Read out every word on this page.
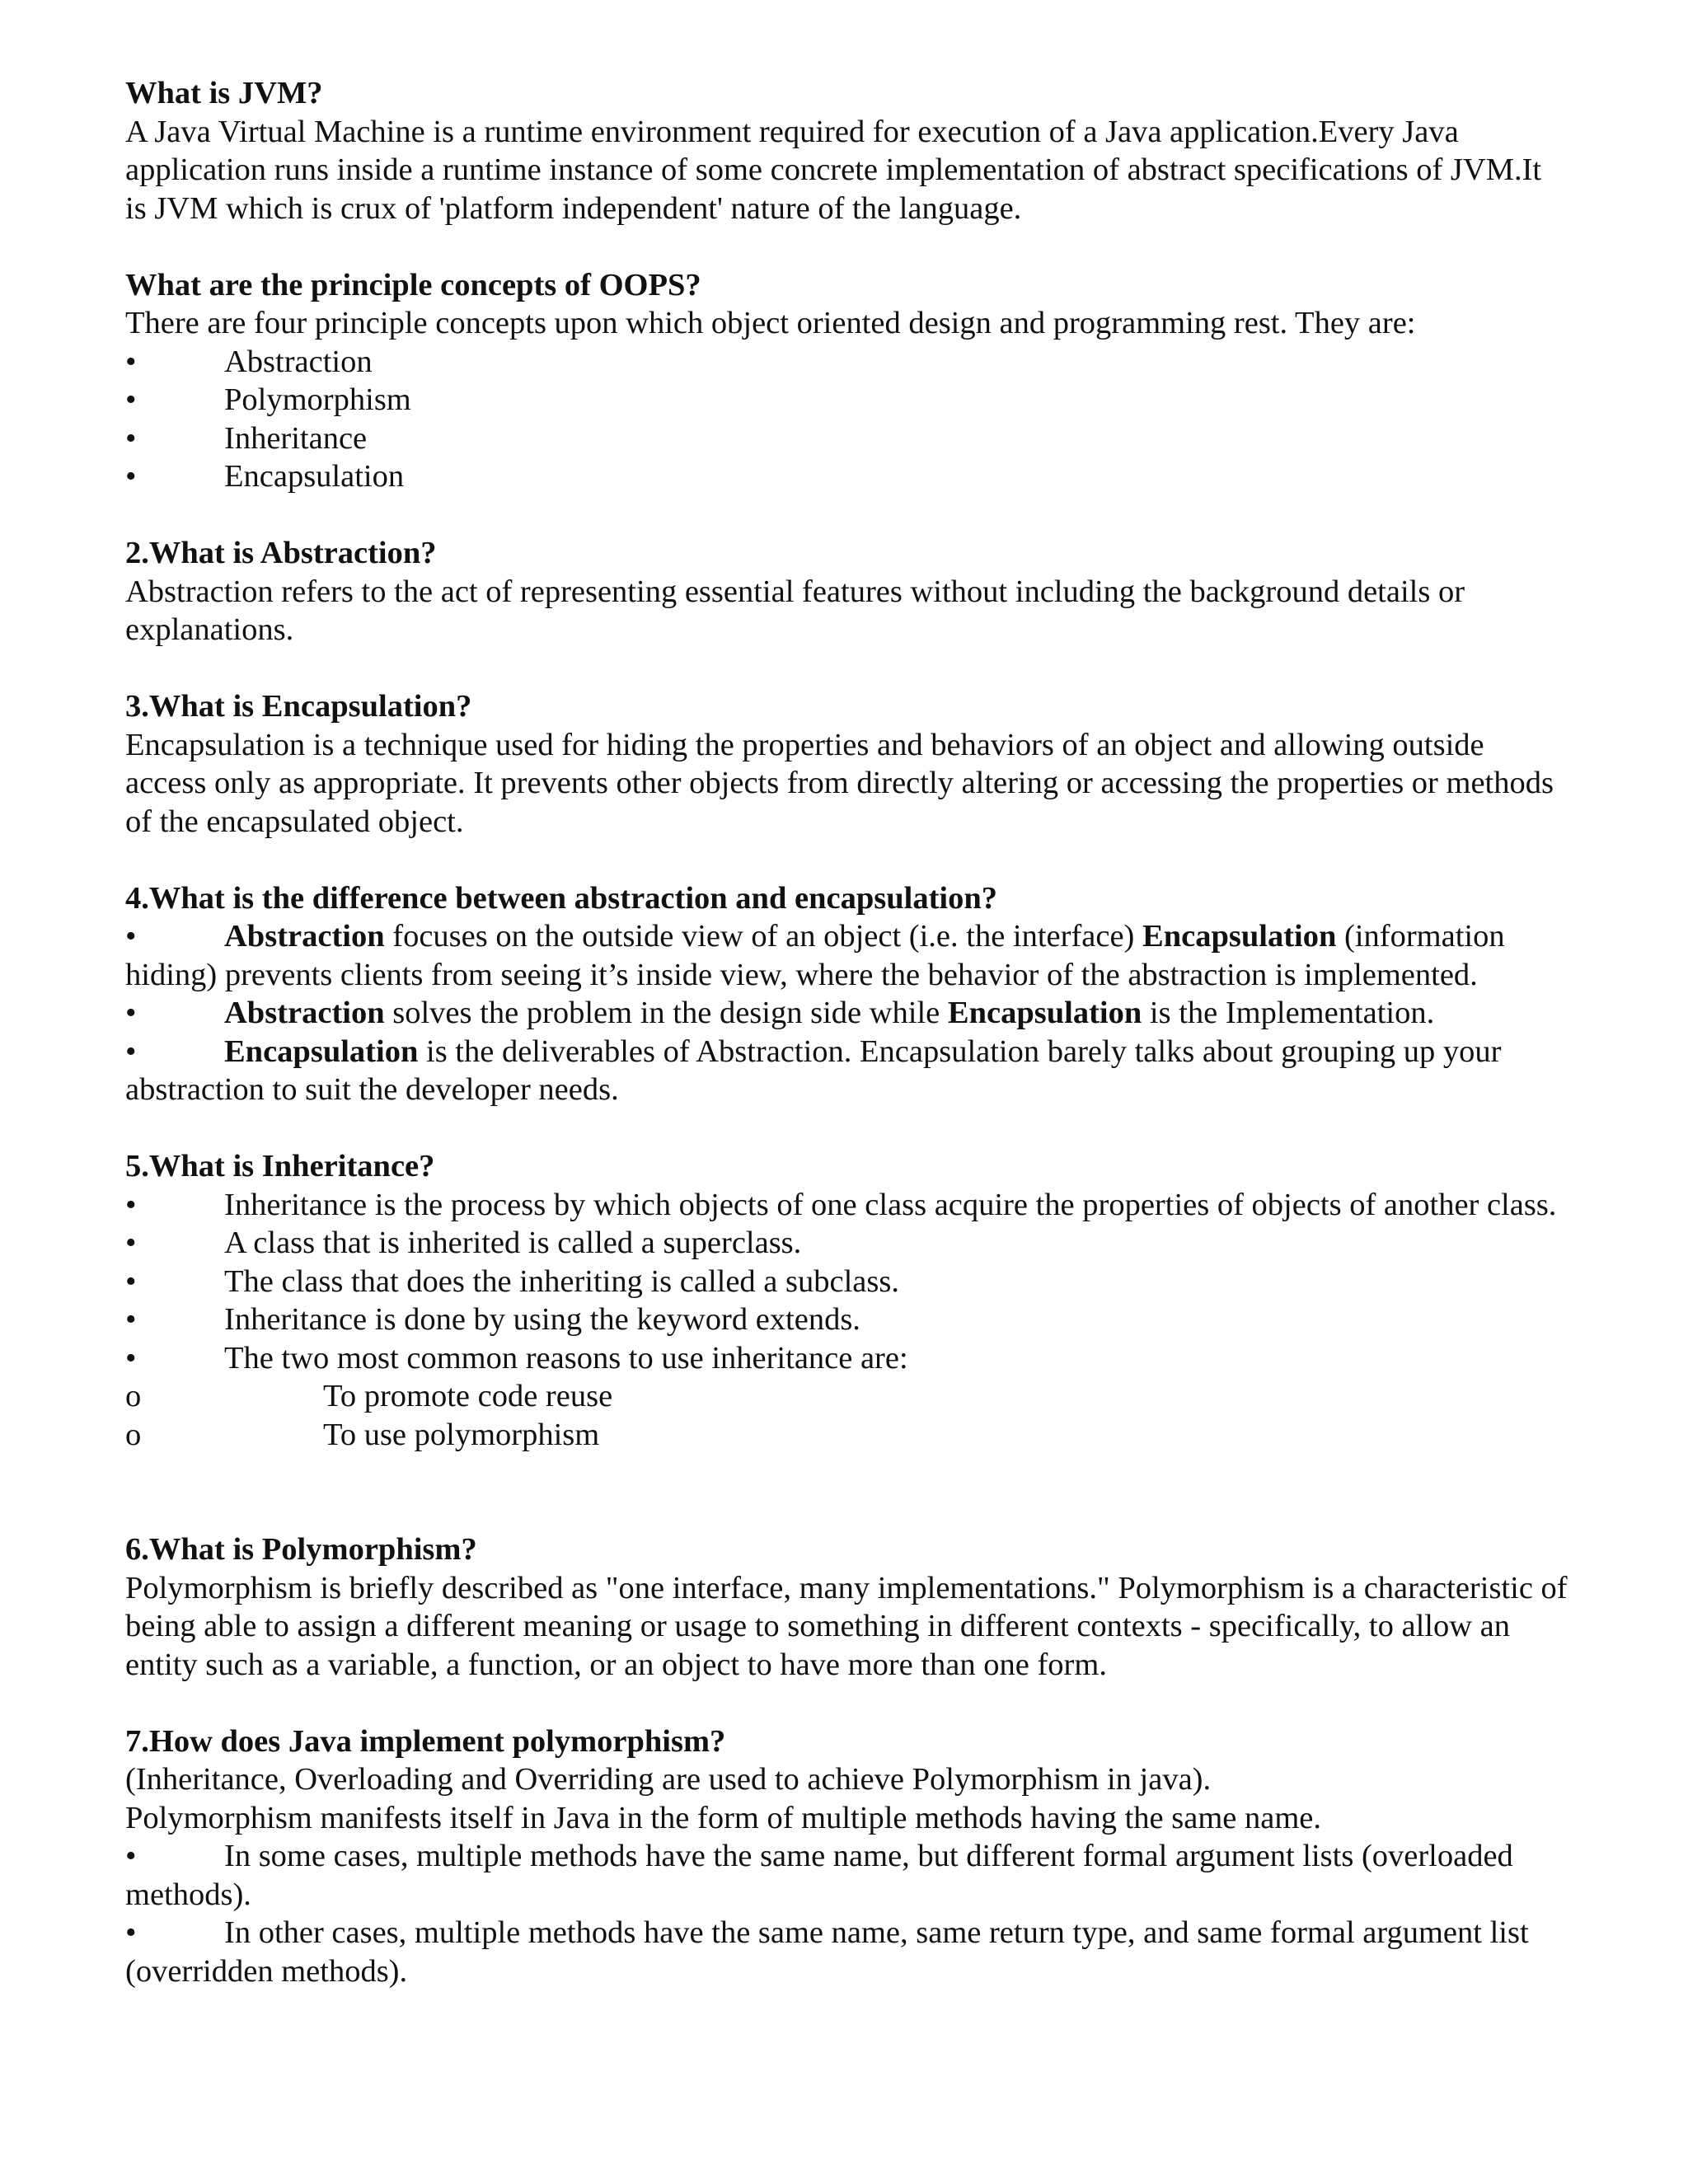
What is JVM?

A Java Virtual Machine is a runtime environment required for execution of a Java application.Every Java application runs inside a runtime instance of some concrete implementation of abstract specifications of JVM.It is JVM which is crux of 'platform independent' nature of the language.

What are the principle concepts of OOPS?

There are four principle concepts upon which object oriented design and programming rest. They are:

•	Abstraction

•	Polymorphism

•	Inheritance

•	Encapsulation

2.What is Abstraction?

Abstraction refers to the act of representing essential features without including the background details or explanations.

3.What is Encapsulation?

Encapsulation is a technique used for hiding the properties and behaviors of an object and allowing outside access only as appropriate. It prevents other objects from directly altering or accessing the properties or methods of the encapsulated object.

4.What is the difference between abstraction and encapsulation?

•	Abstraction focuses on the outside view of an object (i.e. the interface) Encapsulation (information hiding) prevents clients from seeing it’s inside view, where the behavior of the abstraction is implemented.

•	Abstraction solves the problem in the design side while Encapsulation is the Implementation.

•	Encapsulation is the deliverables of Abstraction. Encapsulation barely talks about grouping up your abstraction to suit the developer needs.

5.What is Inheritance?

•	Inheritance is the process by which objects of one class acquire the properties of objects of another class.

•	A class that is inherited is called a superclass.

•	The class that does the inheriting is called a subclass.

•	Inheritance is done by using the keyword extends.

•	The two most common reasons to use inheritance are:

o	To promote code reuse

o	To use polymorphism

6.What is Polymorphism?

Polymorphism is briefly described as "one interface, many implementations." Polymorphism is a characteristic of being able to assign a different meaning or usage to something in different contexts - specifically, to allow an entity such as a variable, a function, or an object to have more than one form.

7.How does Java implement polymorphism?

(Inheritance, Overloading and Overriding are used to achieve Polymorphism in java).

Polymorphism manifests itself in Java in the form of multiple methods having the same name.

•	In some cases, multiple methods have the same name, but different formal argument lists (overloaded methods).

•	In other cases, multiple methods have the same name, same return type, and same formal argument list (overridden methods).
